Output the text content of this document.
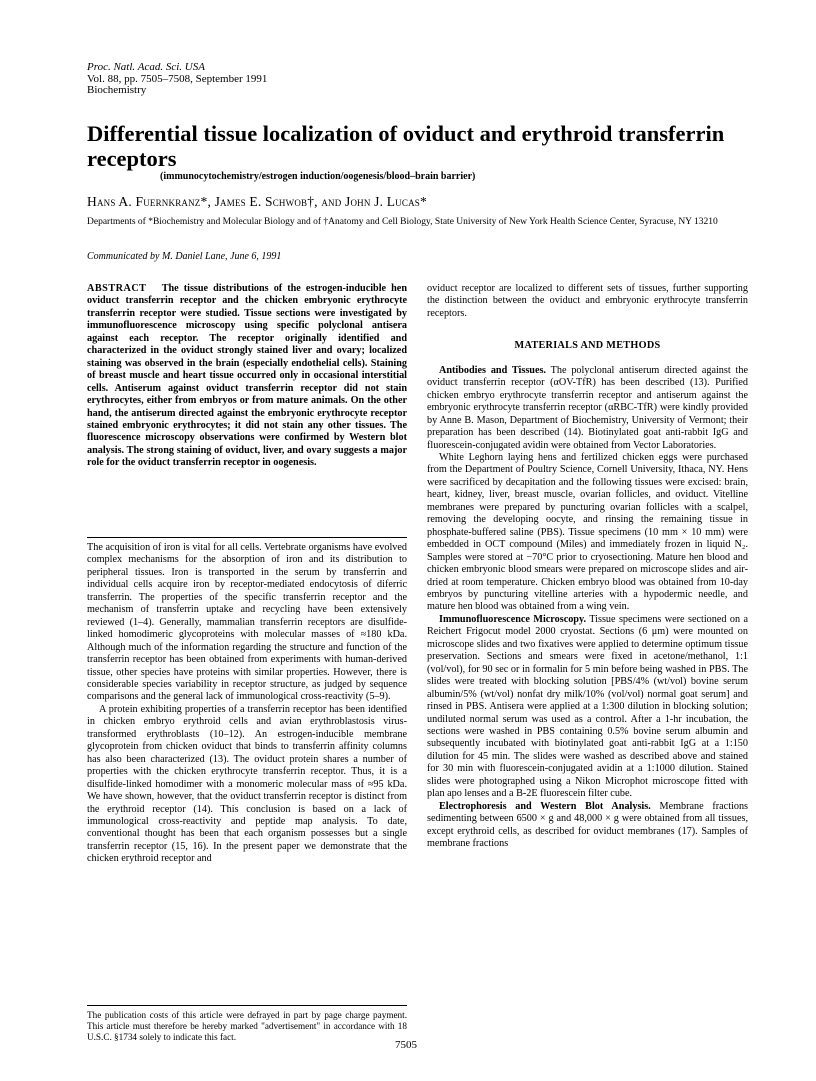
Proc. Natl. Acad. Sci. USA
Vol. 88, pp. 7505–7508, September 1991
Biochemistry
Differential tissue localization of oviduct and erythroid transferrin receptors
(immunocytochemistry/estrogen induction/oogenesis/blood–brain barrier)
Hans A. Fuernkranz*, James E. Schwob†, and John J. Lucas*
Departments of *Biochemistry and Molecular Biology and of †Anatomy and Cell Biology, State University of New York Health Science Center, Syracuse, NY 13210
Communicated by M. Daniel Lane, June 6, 1991

ABSTRACT The tissue distributions of the estrogen-inducible hen oviduct transferrin receptor and the chicken embryonic erythrocyte transferrin receptor were studied. Tissue sections were investigated by immunofluorescence microscopy using specific polyclonal antisera against each receptor. The receptor originally identified and characterized in the oviduct strongly stained liver and ovary; localized staining was observed in the brain (especially endothelial cells). Staining of breast muscle and heart tissue occurred only in occasional interstitial cells. Antiserum against oviduct transferrin receptor did not stain erythrocytes, either from embryos or from mature animals. On the other hand, the antiserum directed against the embryonic erythrocyte receptor stained embryonic erythrocytes; it did not stain any other tissues. The fluorescence microscopy observations were confirmed by Western blot analysis. The strong staining of oviduct, liver, and ovary suggests a major role for the oviduct transferrin receptor in oogenesis.

The acquisition of iron is vital for all cells. Vertebrate organisms have evolved complex mechanisms for the absorption of iron and its distribution to peripheral tissues. Iron is transported in the serum by transferrin and individual cells acquire iron by receptor-mediated endocytosis of diferric transferrin. The properties of the specific transferrin receptor and the mechanism of transferrin uptake and recycling have been extensively reviewed (1–4). Generally, mammalian transferrin receptors are disulfide-linked homodimeric glycoproteins with molecular masses of ≈180 kDa. Although much of the information regarding the structure and function of the transferrin receptor has been obtained from experiments with human-derived tissue, other species have proteins with similar properties. However, there is considerable species variability in receptor structure, as judged by sequence comparisons and the general lack of immunological cross-reactivity (5–9).

A protein exhibiting properties of a transferrin receptor has been identified in chicken embryo erythroid cells and avian erythroblastosis virus-transformed erythroblasts (10–12). An estrogen-inducible membrane glycoprotein from chicken oviduct that binds to transferrin affinity columns has also been characterized (13). The oviduct protein shares a number of properties with the chicken erythrocyte transferrin receptor. Thus, it is a disulfide-linked homodimer with a monomeric molecular mass of ≈95 kDa. We have shown, however, that the oviduct transferrin receptor is distinct from the erythroid receptor (14). This conclusion is based on a lack of immunological cross-reactivity and peptide map analysis. To date, conventional thought has been that each organism possesses but a single transferrin receptor (15, 16). In the present paper we demonstrate that the chicken erythroid receptor and

The publication costs of this article were defrayed in part by page charge payment. This article must therefore be hereby marked "advertisement" in accordance with 18 U.S.C. §1734 solely to indicate this fact.

oviduct receptor are localized to different sets of tissues, further supporting the distinction between the oviduct and embryonic erythrocyte transferrin receptors.

MATERIALS AND METHODS

Antibodies and Tissues. The polyclonal antiserum directed against the oviduct transferrin receptor (αOV-TfR) has been described (13). Purified chicken embryo erythrocyte transferrin receptor and antiserum against the embryonic erythrocyte transferrin receptor (αRBC-TfR) were kindly provided by Anne B. Mason, Department of Biochemistry, University of Vermont; their preparation has been described (14). Biotinylated goat anti-rabbit IgG and fluorescein-conjugated avidin were obtained from Vector Laboratories.

White Leghorn laying hens and fertilized chicken eggs were purchased from the Department of Poultry Science, Cornell University, Ithaca, NY. Hens were sacrificed by decapitation and the following tissues were excised: brain, heart, kidney, liver, breast muscle, ovarian follicles, and oviduct. Vitelline membranes were prepared by puncturing ovarian follicles with a scalpel, removing the developing oocyte, and rinsing the remaining tissue in phosphate-buffered saline (PBS). Tissue specimens (10 mm × 10 mm) were embedded in OCT compound (Miles) and immediately frozen in liquid N₂. Samples were stored at −70°C prior to cryosectioning. Mature hen blood and chicken embryonic blood smears were prepared on microscope slides and air-dried at room temperature. Chicken embryo blood was obtained from 10-day embryos by puncturing vitelline arteries with a hypodermic needle, and mature hen blood was obtained from a wing vein.

Immunofluorescence Microscopy. Tissue specimens were sectioned on a Reichert Frigocut model 2000 cryostat. Sections (6 μm) were mounted on microscope slides and two fixatives were applied to determine optimum tissue preservation. Sections and smears were fixed in acetone/methanol, 1:1 (vol/vol), for 90 sec or in formalin for 5 min before being washed in PBS. The slides were treated with blocking solution [PBS/4% (wt/vol) bovine serum albumin/5% (wt/vol) nonfat dry milk/10% (vol/vol) normal goat serum] and rinsed in PBS. Antisera were applied at a 1:300 dilution in blocking solution; undiluted normal serum was used as a control. After a 1-hr incubation, the sections were washed in PBS containing 0.5% bovine serum albumin and subsequently incubated with biotinylated goat anti-rabbit IgG at a 1:150 dilution for 45 min. The slides were washed as described above and stained for 30 min with fluorescein-conjugated avidin at a 1:1000 dilution. Stained slides were photographed using a Nikon Microphot microscope fitted with plan apo lenses and a B-2E fluorescein filter cube.

Electrophoresis and Western Blot Analysis. Membrane fractions sedimenting between 6500 × g and 48,000 × g were obtained from all tissues, except erythroid cells, as described for oviduct membranes (17). Samples of membrane fractions

7505
